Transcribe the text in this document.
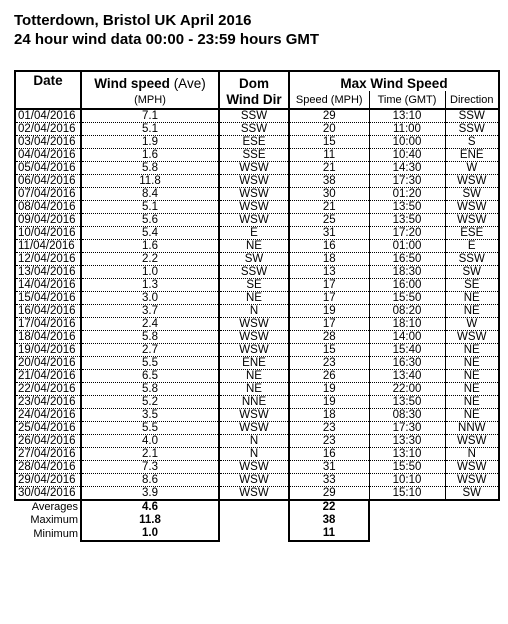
Totterdown, Bristol UK April 2016
24 hour wind data 00:00 - 23:59 hours GMT
Date	Wind speed (Ave)	Dom	Max Wind Speed		
	(MPH)	Wind Dir	Speed (MPH)	Time (GMT)	Direction
01/04/2016	7.1	SSW	29	13:10	SSW
02/04/2016	5.1	SSW	20	11:00	SSW
03/04/2016	1.9	ESE	15	10:00	S
04/04/2016	1.6	SSE	11	10:40	ENE
05/04/2016	5.8	WSW	21	14:30	W
06/04/2016	11.8	WSW	38	17:30	WSW
07/04/2016	8.4	WSW	30	01:20	SW
08/04/2016	5.1	WSW	21	13:50	WSW
09/04/2016	5.6	WSW	25	13:50	WSW
10/04/2016	5.4	E	31	17:20	ESE
11/04/2016	1.6	NE	16	01:00	E
12/04/2016	2.2	SW	18	16:50	SSW
13/04/2016	1.0	SSW	13	18:30	SW
14/04/2016	1.3	SE	17	16:00	SE
15/04/2016	3.0	NE	17	15:50	NE
16/04/2016	3.7	N	19	08:20	NE
17/04/2016	2.4	WSW	17	18:10	W
18/04/2016	5.8	WSW	28	14:00	WSW
19/04/2016	2.7	WSW	15	15:40	NE
20/04/2016	5.5	ENE	23	16:30	NE
21/04/2016	6.5	NE	26	13:40	NE
22/04/2016	5.8	NE	19	22:00	NE
23/04/2016	5.2	NNE	19	13:50	NE
24/04/2016	3.5	WSW	18	08:30	NE
25/04/2016	5.5	WSW	23	17:30	NNW
26/04/2016	4.0	N	23	13:30	WSW
27/04/2016	2.1	N	16	13:10	N
28/04/2016	7.3	WSW	31	15:50	WSW
29/04/2016	8.6	WSW	33	10:10	WSW
30/04/2016	3.9	WSW	29	15:10	SW
Averages	4.6		22		
Maximum	11.8		38		
Minimum	1.0		11		
